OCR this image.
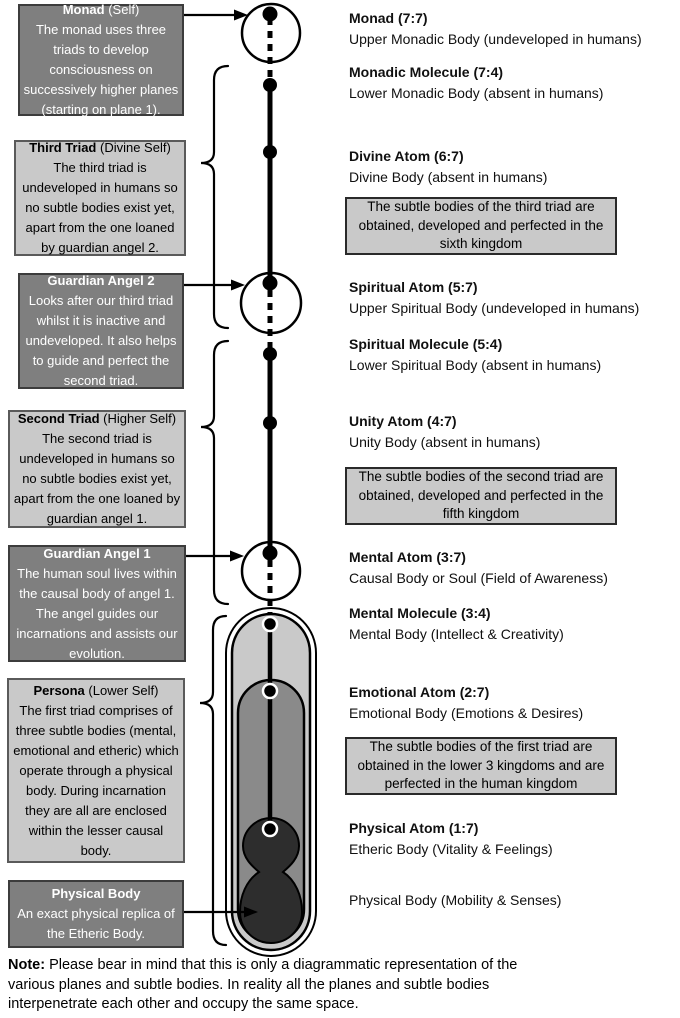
Monad (Self)
The monad uses three triads to develop consciousness on successively higher planes (starting on plane 1).
Third Triad (Divine Self)
The third triad is undeveloped in humans so no subtle bodies exist yet, apart from the one loaned by guardian angel 2.
Guardian Angel 2
Looks after our third triad whilst it is inactive and undeveloped. It also helps to guide and perfect the second triad.
Second Triad (Higher Self)
The second triad is undeveloped in humans so no subtle bodies exist yet, apart from the one loaned by guardian angel 1.
Guardian Angel 1
The human soul lives within the causal body of angel 1. The angel guides our incarnations and assists our evolution.
Persona (Lower Self)
The first triad comprises of three subtle bodies (mental, emotional and etheric) which operate through a physical body. During incarnation they are all are enclosed within the lesser causal body.
Physical Body
An exact physical replica of the Etheric Body.
Monad (7:7)
Upper Monadic Body (undeveloped in humans)
Monadic Molecule (7:4)
Lower Monadic Body (absent in humans)
Divine Atom (6:7)
Divine Body (absent in humans)
Spiritual Atom (5:7)
Upper Spiritual Body (undeveloped in humans)
Spiritual Molecule (5:4)
Lower Spiritual Body (absent in humans)
Unity Atom (4:7)
Unity Body (absent in humans)
Mental Atom (3:7)
Causal Body or Soul (Field of Awareness)
Mental Molecule (3:4)
Mental Body (Intellect & Creativity)
Emotional Atom (2:7)
Emotional Body (Emotions & Desires)
Physical Atom (1:7)
Etheric Body (Vitality & Feelings)
Physical Body (Mobility & Senses)
The subtle bodies of the third triad are obtained, developed and perfected in the sixth kingdom
The subtle bodies of the second triad are obtained, developed and perfected in the fifth kingdom
The subtle bodies of the first triad are obtained in the lower 3 kingdoms and are perfected in the human kingdom
Note: Please bear in mind that this is only a diagrammatic representation of the various planes and subtle bodies. In reality all the planes and subtle bodies interpenetrate each other and occupy the same space.
